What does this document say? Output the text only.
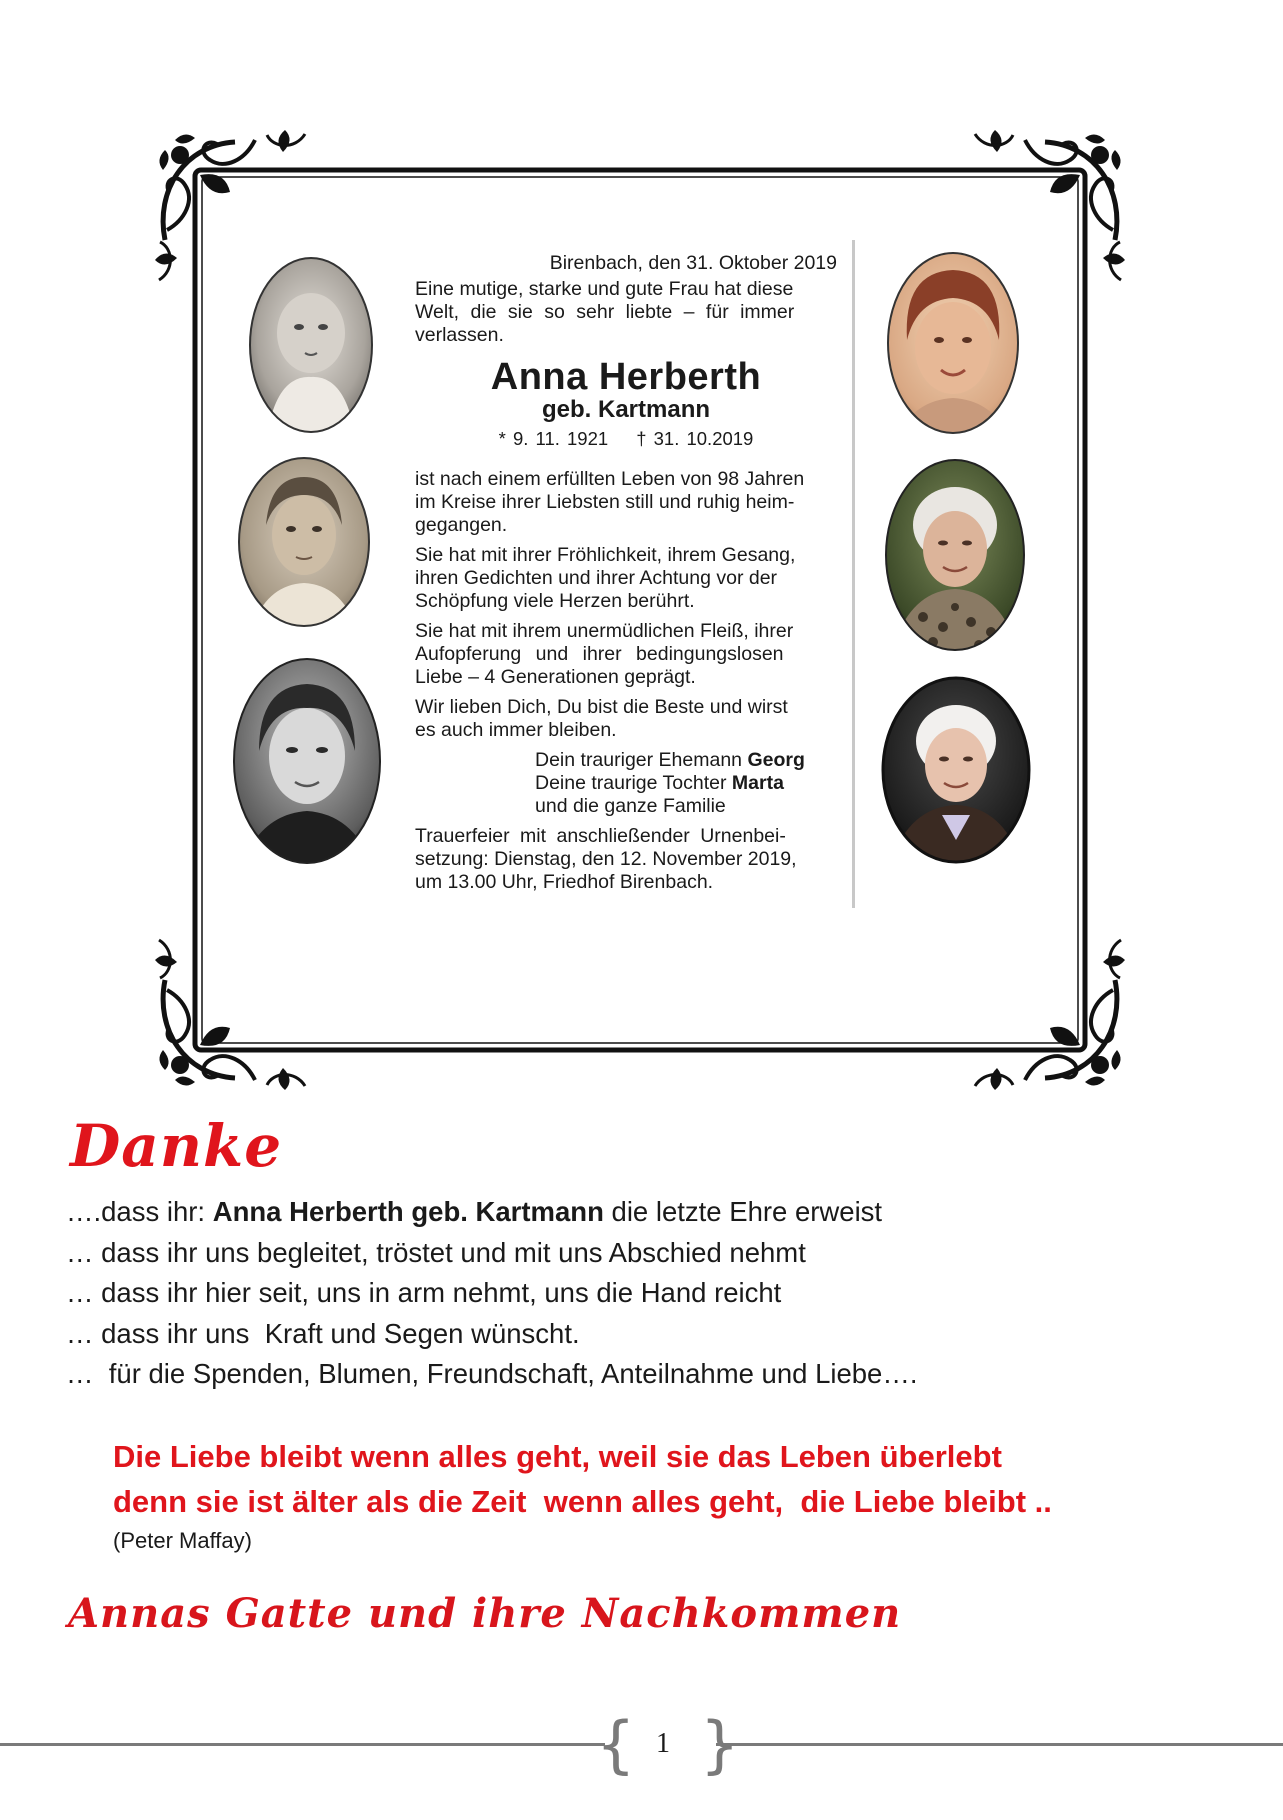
Birenbach, den 31. Oktober 2019
Eine mutige, starke und gute Frau hat diese
Welt, die sie so sehr liebte – für immer
verlassen.
Anna Herberth
geb. Kartmann
* 9. 11. 1921 † 31. 10.2019
ist nach einem erfüllten Leben von 98 Jahren
im Kreise ihrer Liebsten still und ruhig heim-
gegangen.
Sie hat mit ihrer Fröhlichkeit, ihrem Gesang,
ihren Gedichten und ihrer Achtung vor der
Schöpfung viele Herzen berührt.
Sie hat mit ihrem unermüdlichen Fleiß, ihrer
Aufopferung und ihrer bedingungslosen
Liebe – 4 Generationen geprägt.
Wir lieben Dich, Du bist die Beste und wirst
es auch immer bleiben.
Dein trauriger Ehemann Georg
Deine traurige Tochter Marta
und die ganze Familie
Trauerfeier mit anschließender Urnenbei-
setzung: Dienstag, den 12. November 2019,
um 13.00 Uhr, Friedhof Birenbach.
Danke
….dass ihr: Anna Herberth geb. Kartmann die letzte Ehre erweist
… dass ihr uns begleitet, tröstet und mit uns Abschied nehmt
… dass ihr hier seit, uns in arm nehmt, uns die Hand reicht
… dass ihr uns  Kraft und Segen wünscht.
…  für die Spenden, Blumen, Freundschaft, Anteilnahme und Liebe….
Die Liebe bleibt wenn alles geht, weil sie das Leben überlebt
denn sie ist älter als die Zeit  wenn alles geht,  die Liebe bleibt ..
(Peter Maffay)
Annas Gatte und ihre Nachkommen
{ }
1
